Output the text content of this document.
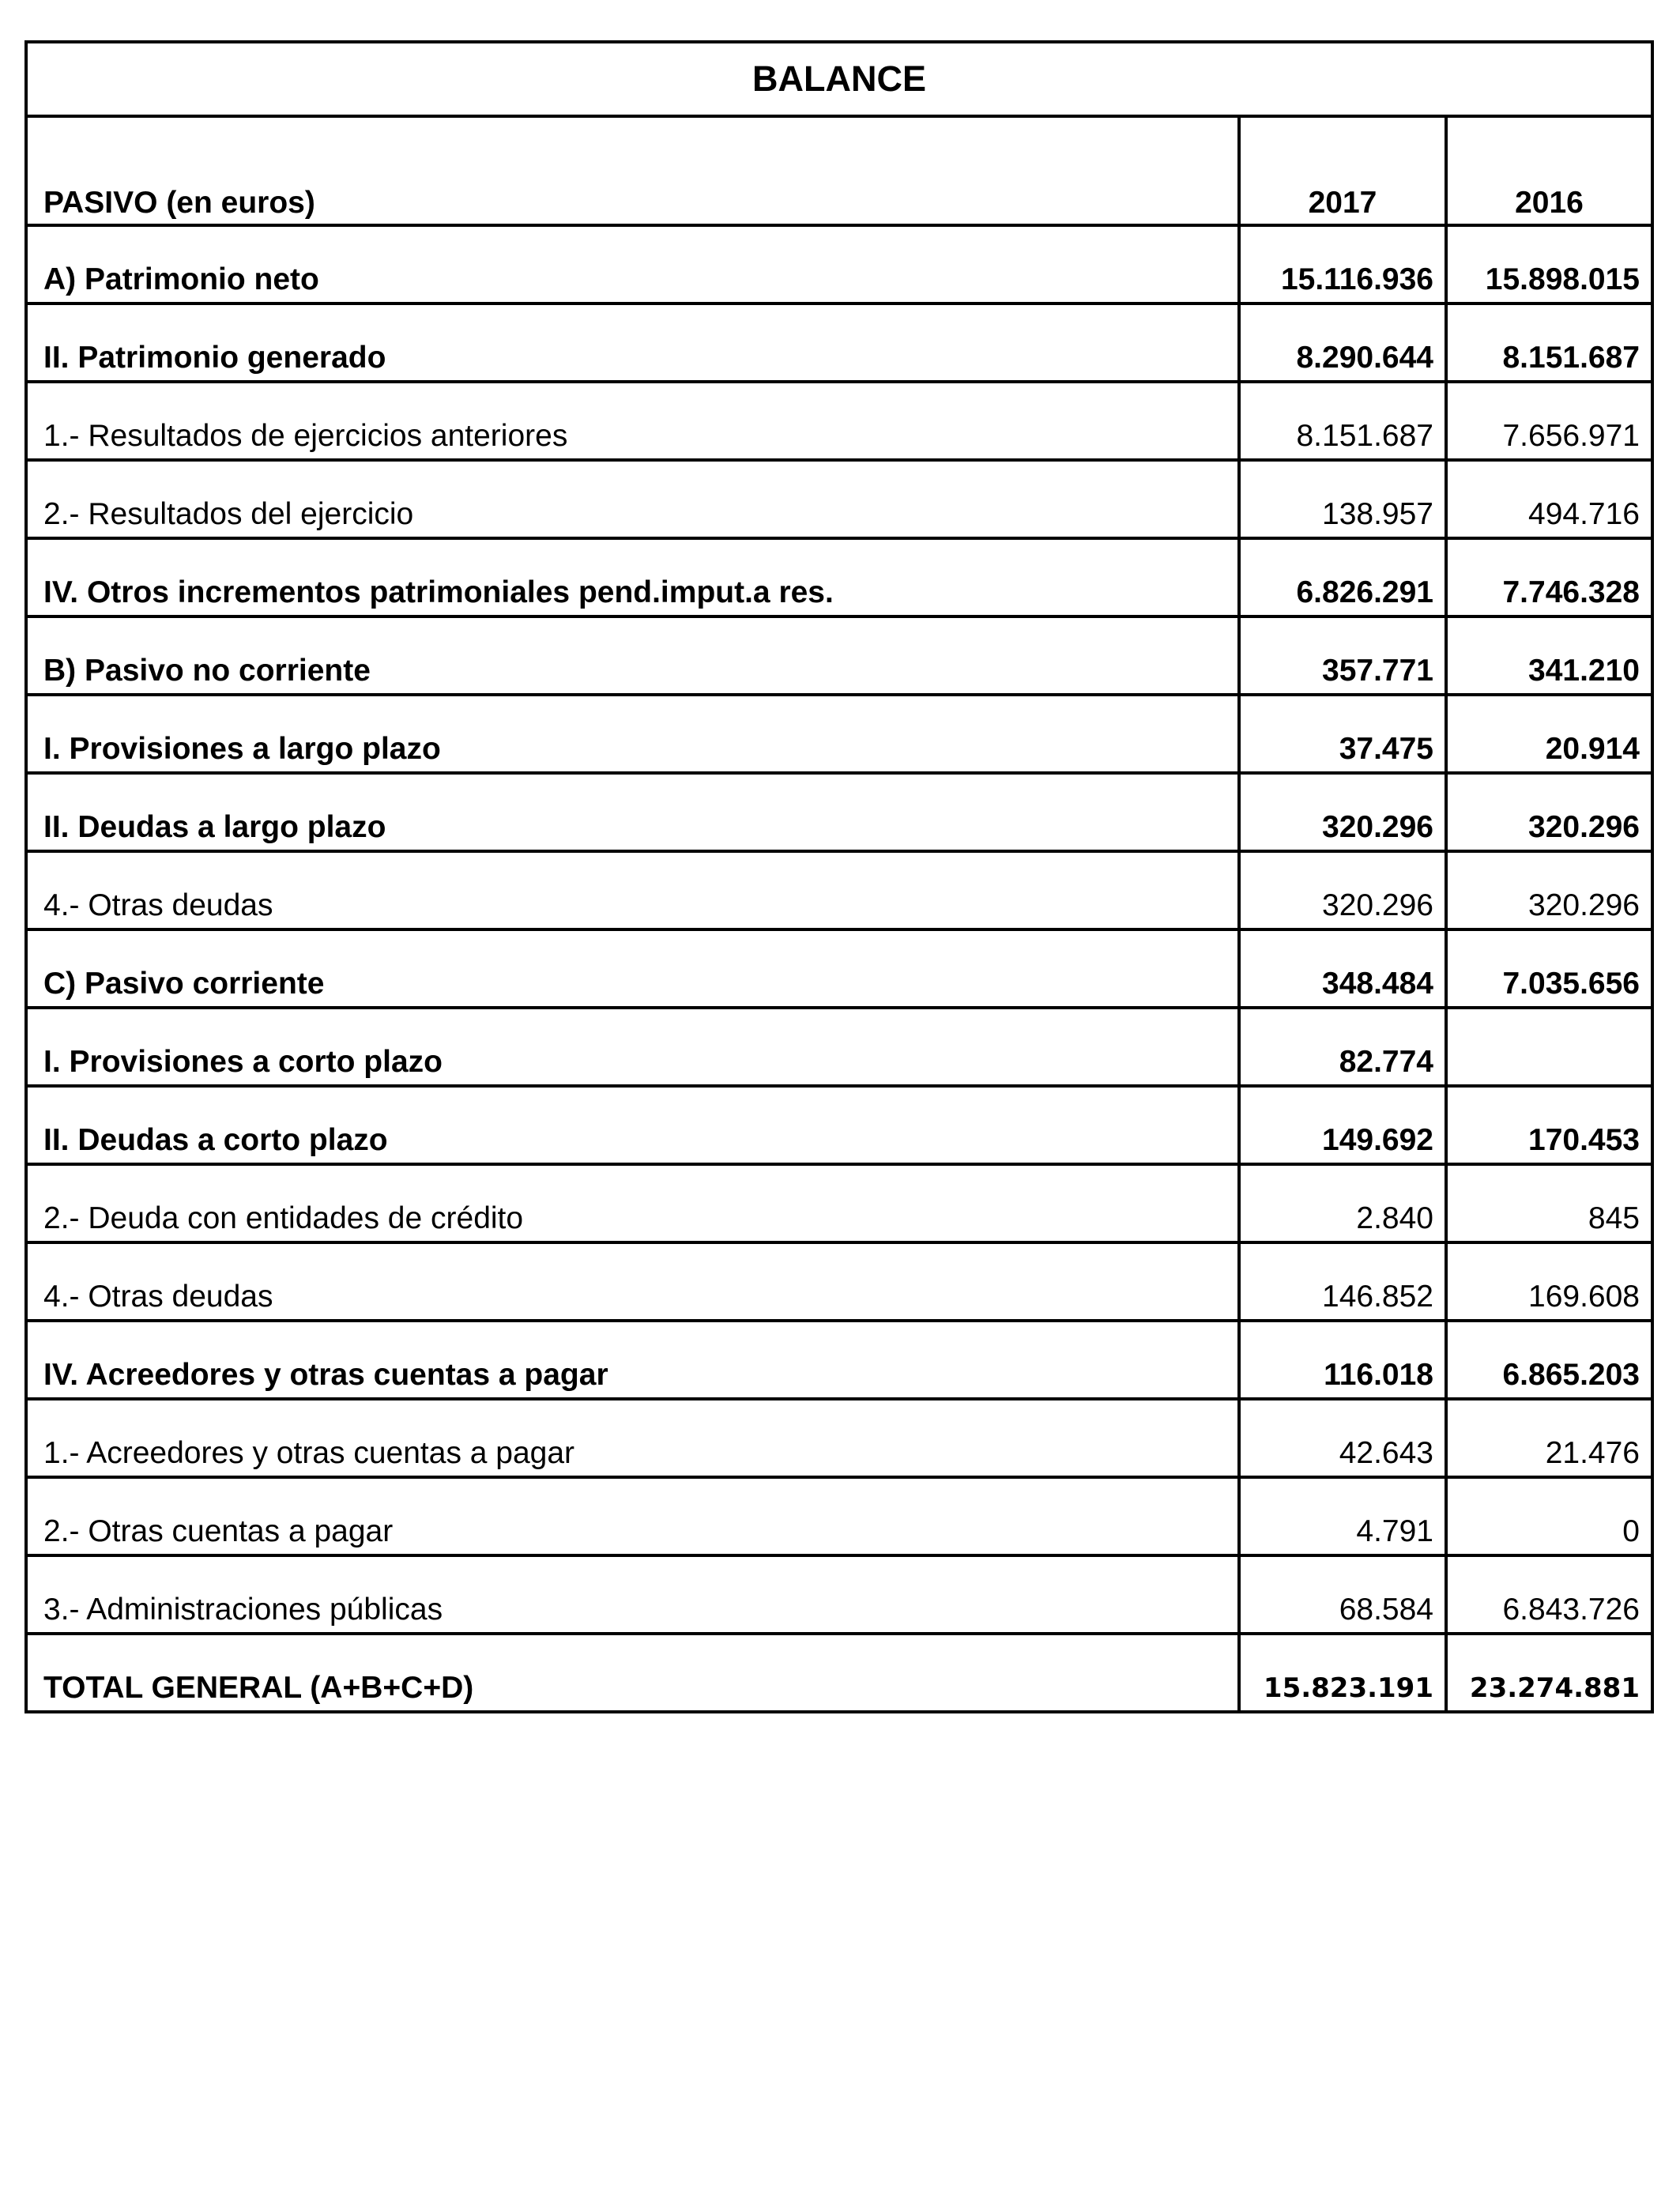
BALANCE		
PASIVO (en euros)	2017	2016
A) Patrimonio neto	15.116.936	15.898.015
II. Patrimonio generado	8.290.644	8.151.687
1.- Resultados de ejercicios anteriores	8.151.687	7.656.971
2.- Resultados del ejercicio	138.957	494.716
IV. Otros incrementos patrimoniales pend.imput.a res.	6.826.291	7.746.328
B) Pasivo no corriente	357.771	341.210
I. Provisiones a largo plazo	37.475	20.914
II. Deudas a largo plazo	320.296	320.296
4.- Otras deudas	320.296	320.296
C) Pasivo corriente	348.484	7.035.656
I. Provisiones a corto plazo	82.774	
II. Deudas a corto plazo	149.692	170.453
2.- Deuda con entidades de crédito	2.840	845
4.- Otras deudas	146.852	169.608
IV. Acreedores y otras cuentas a pagar	116.018	6.865.203
1.- Acreedores y otras cuentas a pagar	42.643	21.476
2.- Otras cuentas a pagar	4.791	0
3.- Administraciones públicas	68.584	6.843.726
TOTAL GENERAL (A+B+C+D)	15.823.191	23.274.881
